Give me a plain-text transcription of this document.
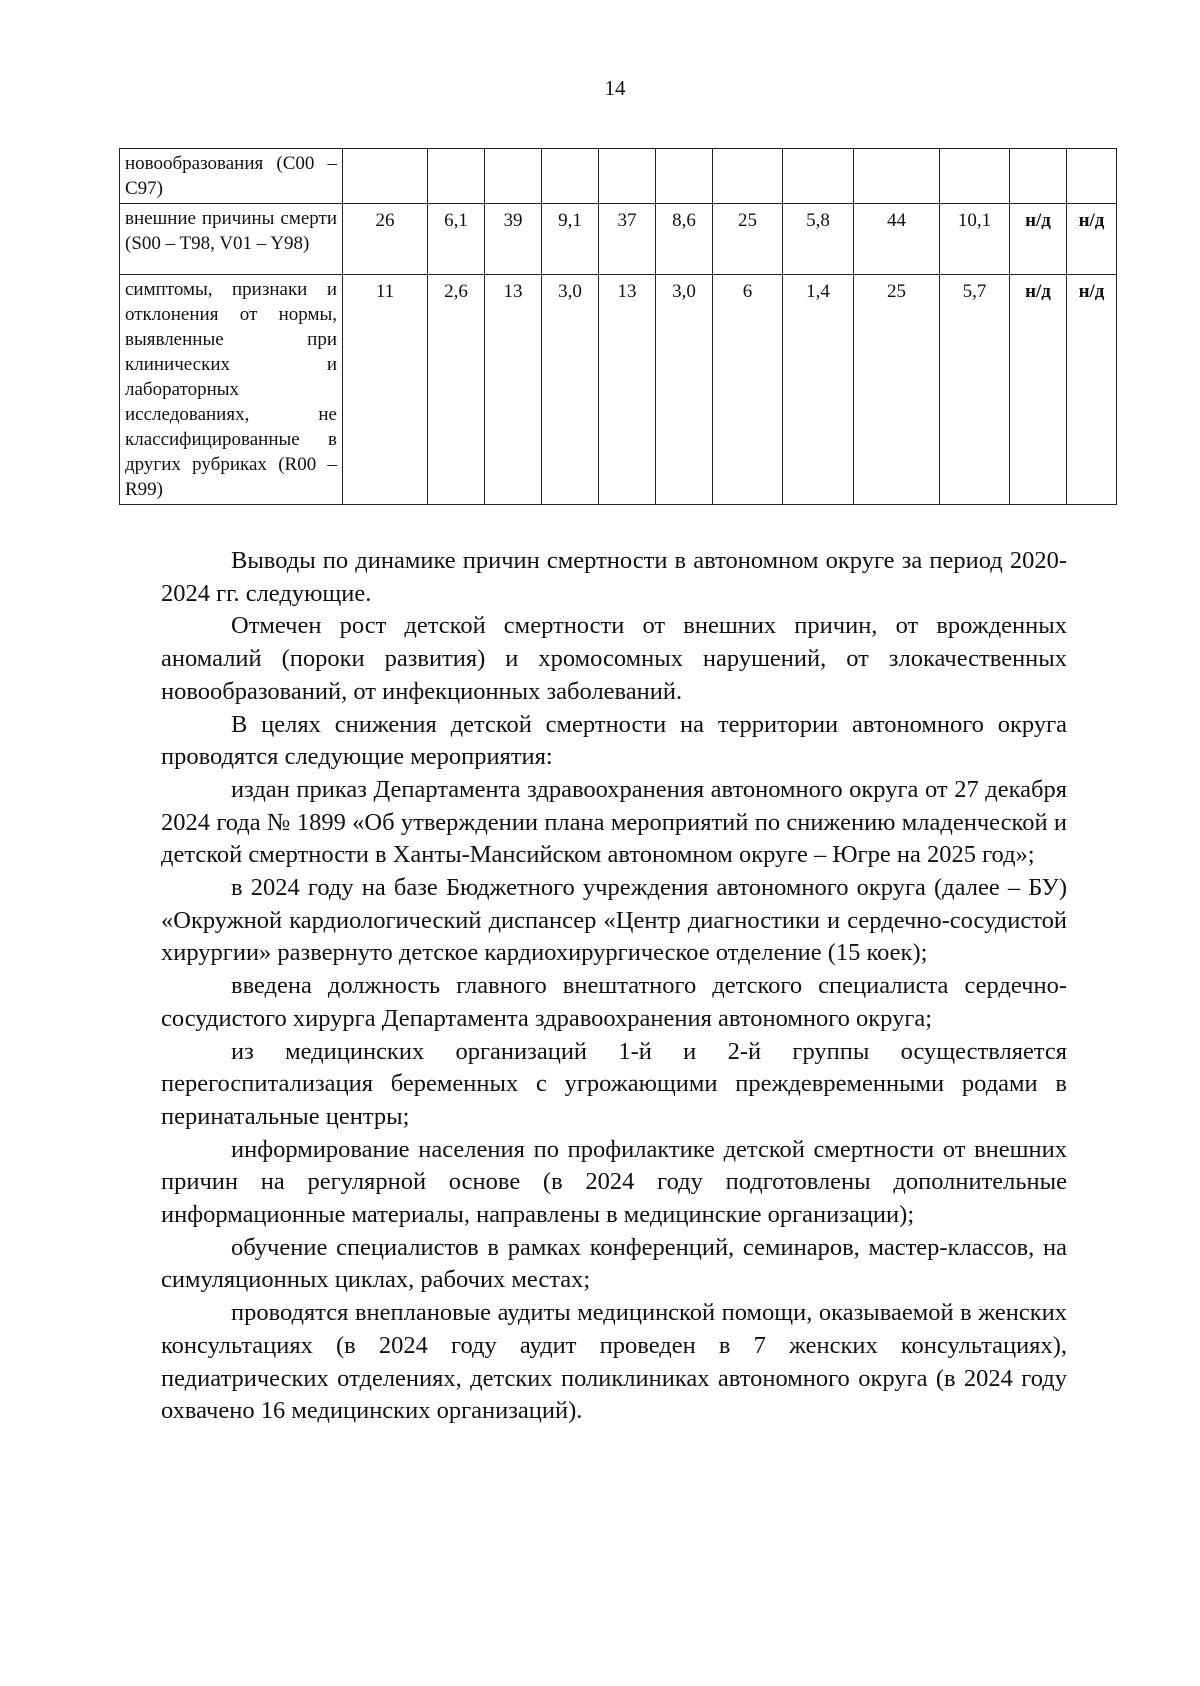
14
новообразования (C00 – C97)												
внешние причины смерти (S00 – T98, V01 – Y98)	26	6,1	39	9,1	37	8,6	25	5,8	44	10,1	н/д	н/д
симптомы, признаки и отклонения от нормы, выявленные при клинических и лабораторных исследованиях, не классифицированные в других рубриках (R00 – R99)	11	2,6	13	3,0	13	3,0	6	1,4	25	5,7	н/д	н/д

Выводы по динамике причин смертности в автономном округе за период 2020-2024 гг. следующие.

Отмечен рост детской смертности от внешних причин, от врожденных аномалий (пороки развития) и хромосомных нарушений, от злокачественных новообразований, от инфекционных заболеваний.

В целях снижения детской смертности на территории автономного округа проводятся следующие мероприятия:

издан приказ Департамента здравоохранения автономного округа от 27 декабря 2024 года № 1899 «Об утверждении плана мероприятий по снижению младенческой и детской смертности в Ханты-Мансийском автономном округе – Югре на 2025 год»;

в 2024 году на базе Бюджетного учреждения автономного округа (далее – БУ) «Окружной кардиологический диспансер «Центр диагностики и сердечно-сосудистой хирургии» развернуто детское кардиохирургическое отделение (15 коек);

введена должность главного внештатного детского специалиста сердечно-сосудистого хирурга Департамента здравоохранения автономного округа;

из медицинских организаций 1-й и 2-й группы осуществляется перегоспитализация беременных с угрожающими преждевременными родами в перинатальные центры;

информирование населения по профилактике детской смертности от внешних причин на регулярной основе (в 2024 году подготовлены дополнительные информационные материалы, направлены в медицинские организации);

обучение специалистов в рамках конференций, семинаров, мастер-классов, на симуляционных циклах, рабочих местах;

проводятся внеплановые аудиты медицинской помощи, оказываемой в женских консультациях (в 2024 году аудит проведен в 7 женских консультациях), педиатрических отделениях, детских поликлиниках автономного округа (в 2024 году охвачено 16 медицинских организаций).
